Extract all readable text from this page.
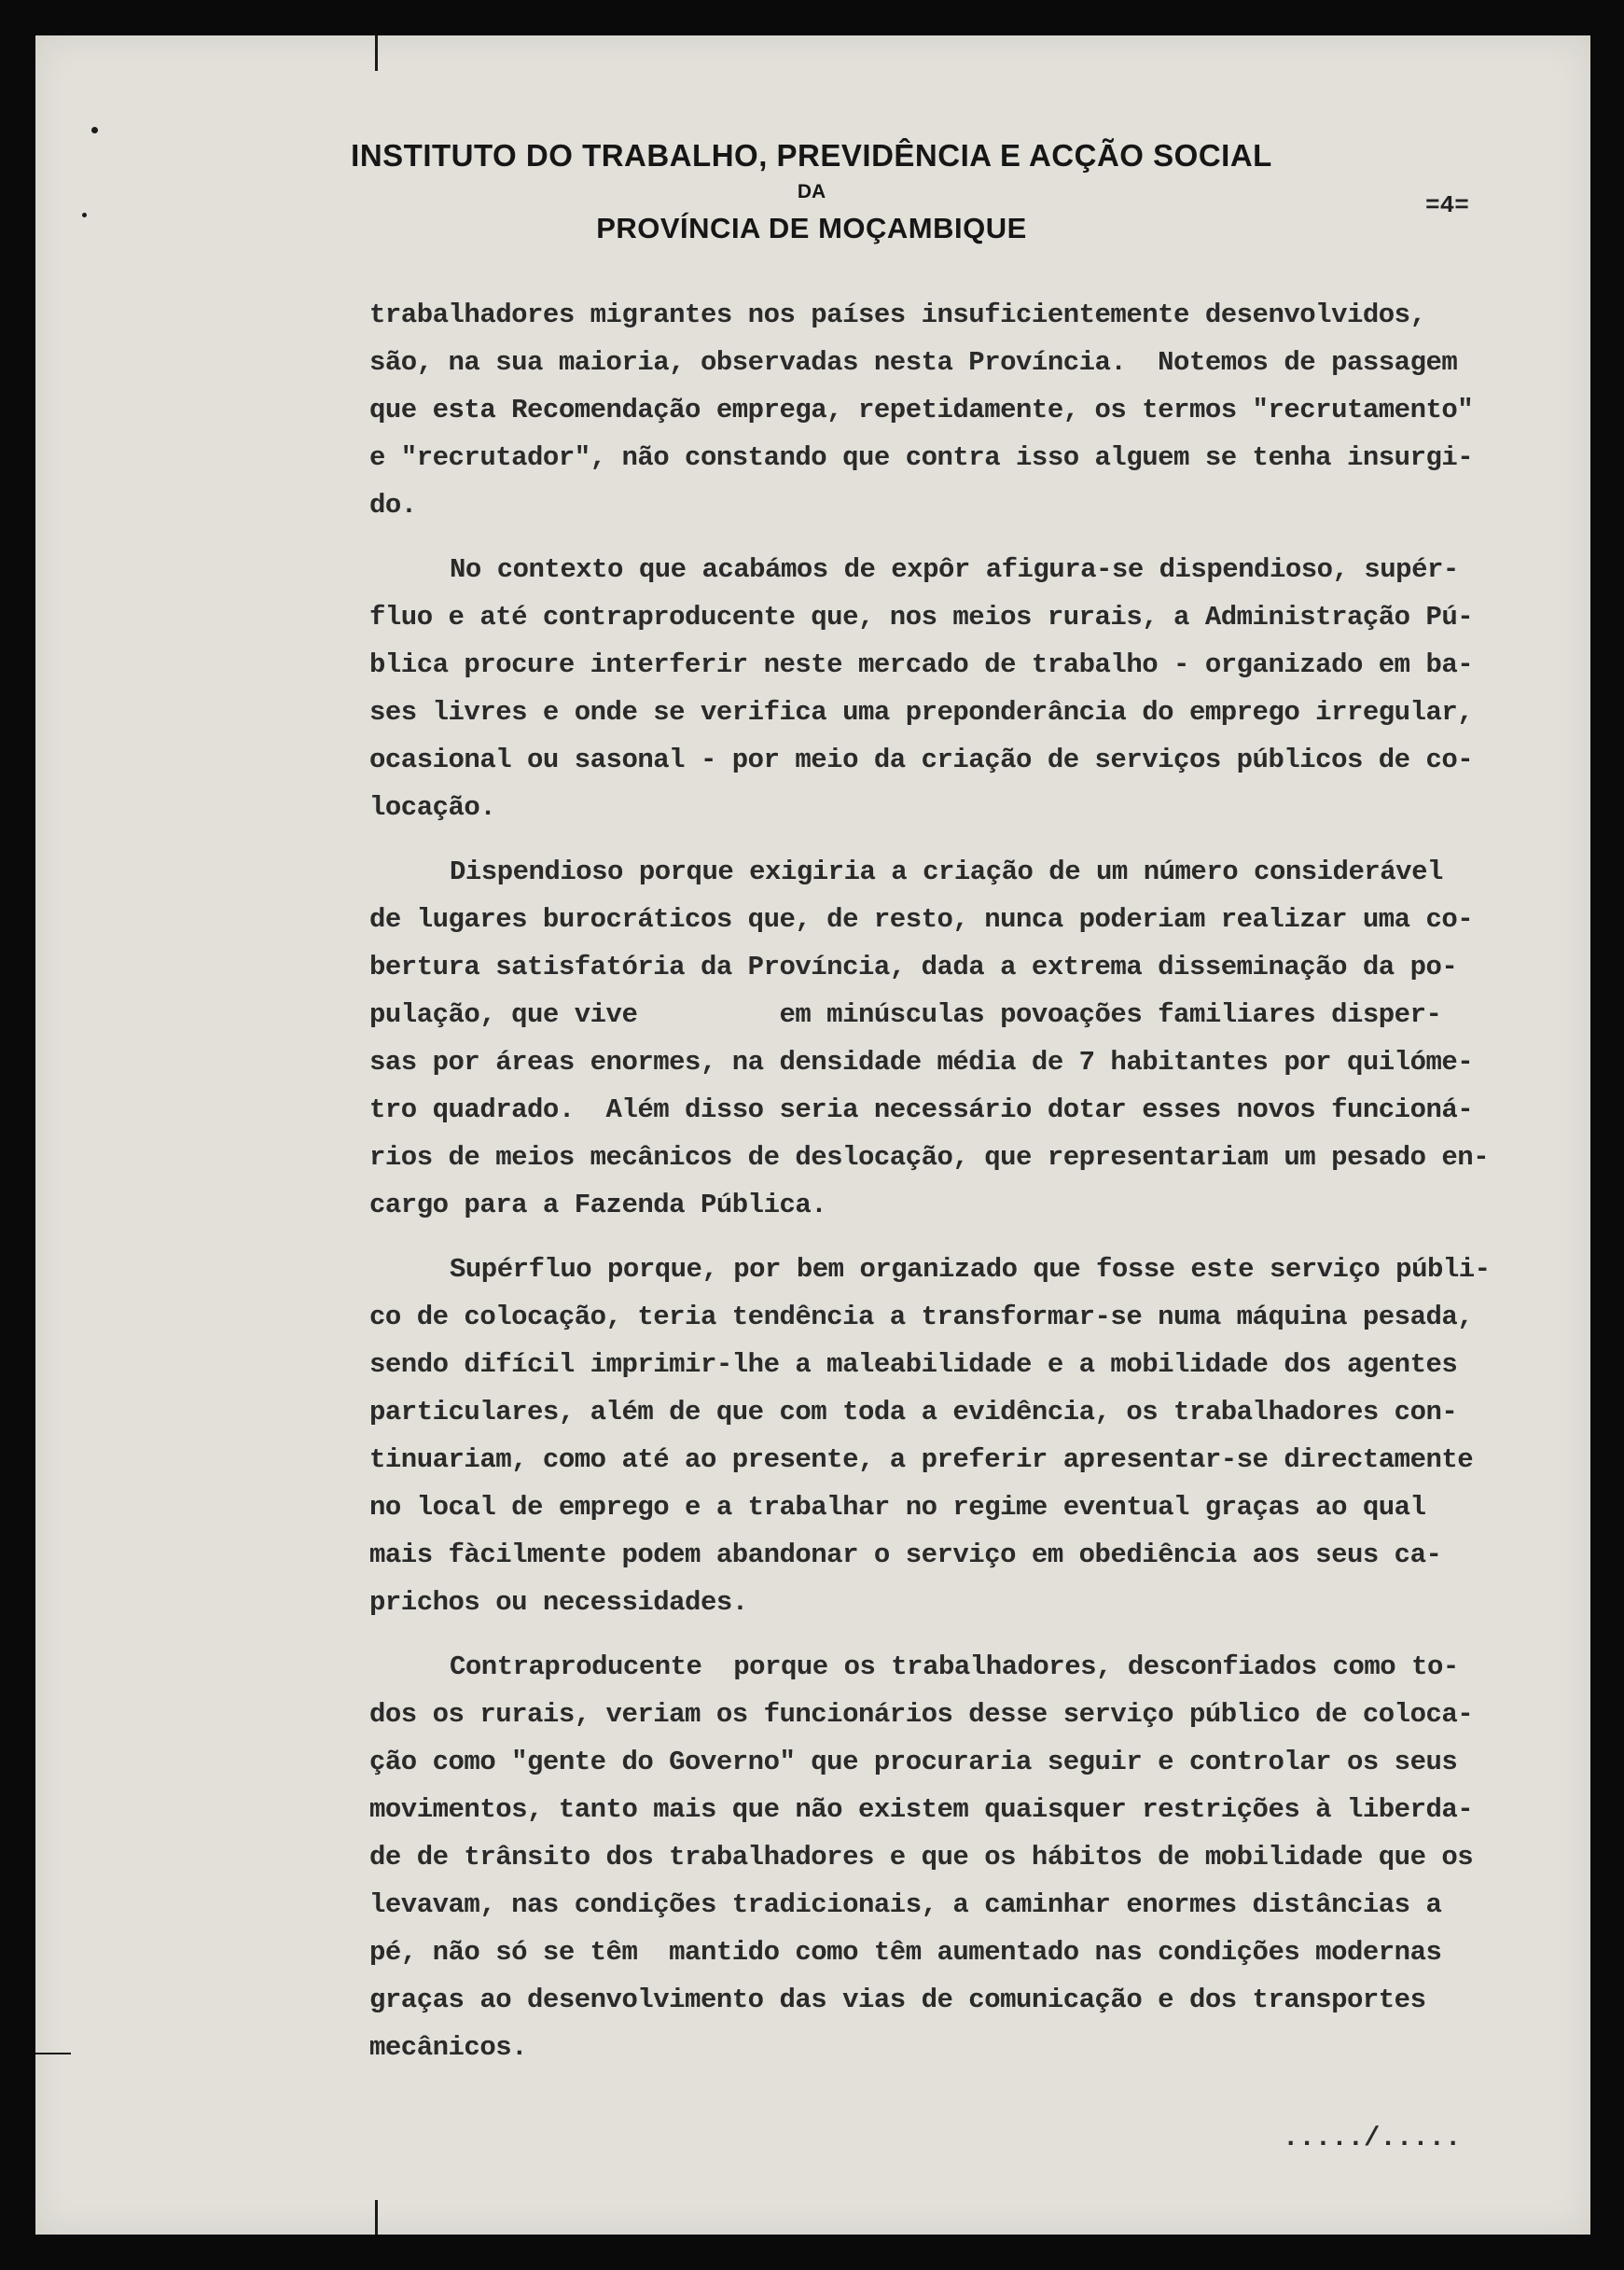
INSTITUTO DO TRABALHO, PREVIDÊNCIA E ACÇÃO SOCIAL
DA
PROVÍNCIA DE MOÇAMBIQUE
=4=
trabalhadores migrantes nos países insuficientemente desenvolvidos,
são, na sua maioria, observadas nesta Província.  Notemos de passagem
que esta Recomendação emprega, repetidamente, os termos "recrutamento"
e "recrutador", não constando que contra isso alguem se tenha insurgi-
do.
No contexto que acabámos de expôr afigura-se dispendioso, supér-
fluo e até contraproducente que, nos meios rurais, a Administração Pú-
blica procure interferir neste mercado de trabalho - organizado em ba-
ses livres e onde se verifica uma preponderância do emprego irregular,
ocasional ou sasonal - por meio da criação de serviços públicos de co-
locação.
Dispendioso porque exigiria a criação de um número considerável
de lugares burocráticos que, de resto, nunca poderiam realizar uma co-
bertura satisfatória da Província, dada a extrema disseminação da po-
pulação, que vive         em minúsculas povoações familiares disper-
sas por áreas enormes, na densidade média de 7 habitantes por quilóme-
tro quadrado.  Além disso seria necessário dotar esses novos funcioná-
rios de meios mecânicos de deslocação, que representariam um pesado en-
cargo para a Fazenda Pública.
Supérfluo porque, por bem organizado que fosse este serviço públi-
co de colocação, teria tendência a transformar-se numa máquina pesada,
sendo difícil imprimir-lhe a maleabilidade e a mobilidade dos agentes
particulares, além de que com toda a evidência, os trabalhadores con-
tinuariam, como até ao presente, a preferir apresentar-se directamente
no local de emprego e a trabalhar no regime eventual graças ao qual
mais fàcilmente podem abandonar o serviço em obediência aos seus ca-
prichos ou necessidades.
Contraproducente  porque os trabalhadores, desconfiados como to-
dos os rurais, veriam os funcionários desse serviço público de coloca-
ção como "gente do Governo" que procuraria seguir e controlar os seus
movimentos, tanto mais que não existem quaisquer restrições à liberda-
de de trânsito dos trabalhadores e que os hábitos de mobilidade que os
levavam, nas condições tradicionais, a caminhar enormes distâncias a
pé, não só se têm  mantido como têm aumentado nas condições modernas
graças ao desenvolvimento das vias de comunicação e dos transportes
mecânicos.
...../.....
